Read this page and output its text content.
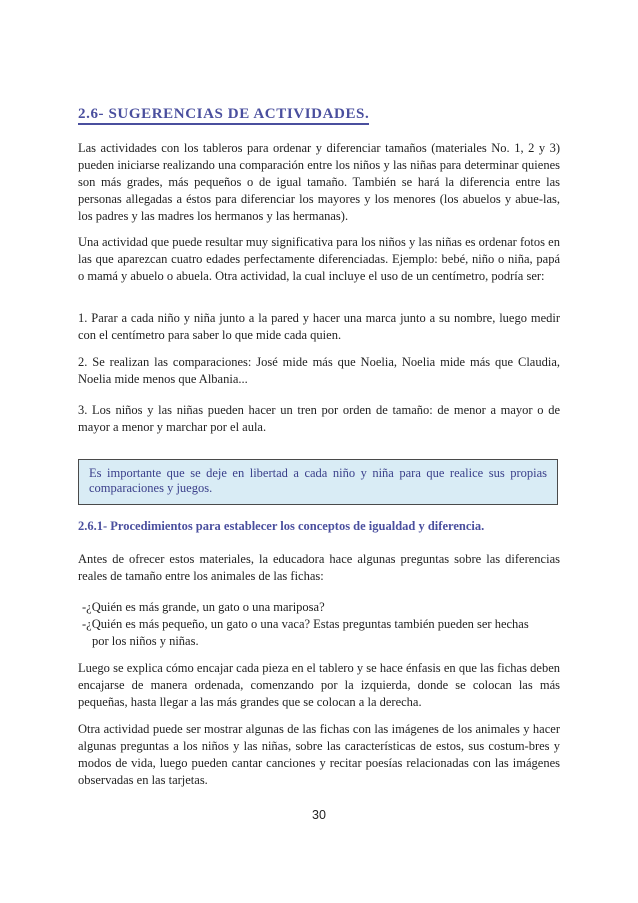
2.6- SUGERENCIAS DE ACTIVIDADES.

Las actividades con los tableros para ordenar y diferenciar tamaños (materiales No. 1, 2 y 3) pueden iniciarse realizando una comparación entre los niños y las niñas para determinar quienes son más grades, más pequeños o de igual tamaño. También se hará la diferencia entre las personas allegadas a éstos para diferenciar los mayores y los menores (los abuelos y abue-las, los padres y las madres los hermanos y las hermanas).

Una actividad que puede resultar muy significativa para los niños y las niñas es ordenar fotos en las que aparezcan cuatro edades perfectamente diferenciadas. Ejemplo: bebé, niño o niña, papá o mamá y abuelo o abuela. Otra actividad, la cual incluye el uso de un centímetro, podría ser:

1. Parar a cada niño y niña junto a la pared y hacer una marca junto a su nombre, luego medir con el centímetro para saber lo que mide cada quien.

2. Se realizan las comparaciones: José mide más que Noelia, Noelia mide más que Claudia, Noelia mide menos que Albania...

3. Los niños y las niñas pueden hacer un tren por orden de tamaño: de menor a mayor o de mayor a menor y marchar por el aula.

Es importante que se deje en libertad a cada niño y niña para que realice sus propias comparaciones y juegos.
2.6.1- Procedimientos para establecer los conceptos de igualdad y diferencia.

Antes de ofrecer estos materiales, la educadora hace algunas preguntas sobre las diferencias reales de tamaño entre los animales de las fichas:

-¿Quién es más grande, un gato o una mariposa?
-¿Quién es más pequeño, un gato o una vaca? Estas preguntas también pueden ser hechas
por los niños y niñas.

Luego se explica cómo encajar cada pieza en el tablero y se hace énfasis en que las fichas deben encajarse de manera ordenada, comenzando por la izquierda, donde se colocan las más pequeñas, hasta llegar a las más grandes que se colocan a la derecha.

Otra actividad puede ser mostrar algunas de las fichas con las imágenes de los animales y hacer algunas preguntas a los niños y las niñas, sobre las características de estos, sus costum-bres y modos de vida, luego pueden cantar canciones y recitar poesías relacionadas con las imágenes observadas en las tarjetas.

30
